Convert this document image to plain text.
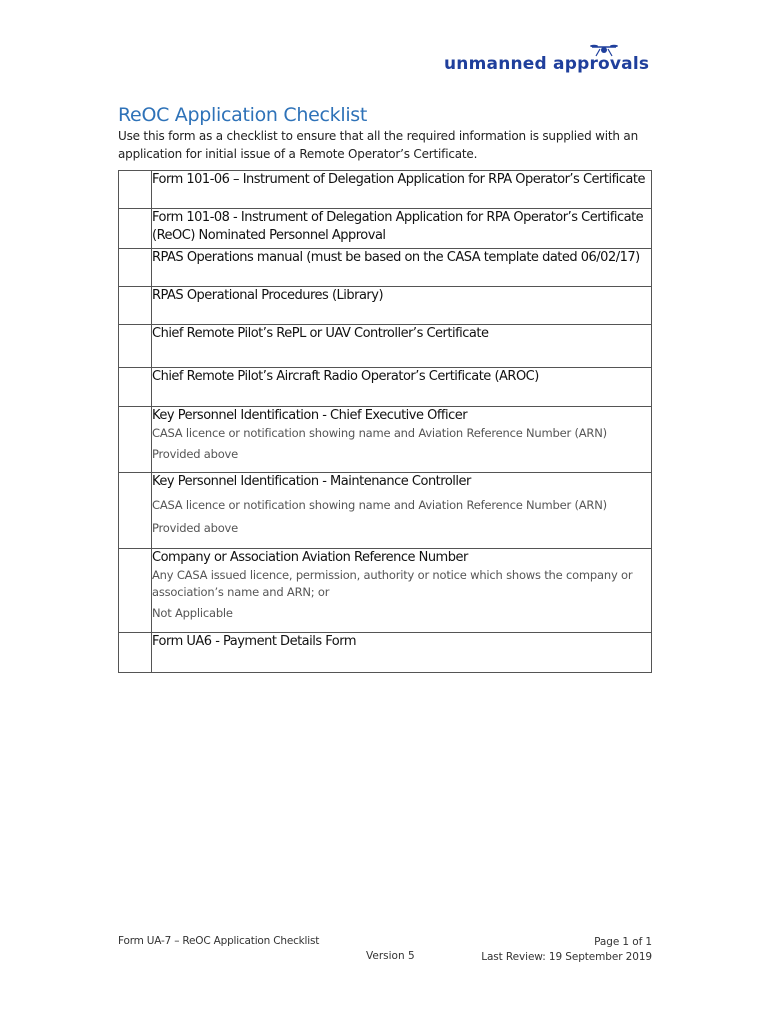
unmanned approvals
ReOC Application Checklist
Use this form as a checklist to ensure that all the required information is supplied with an application for initial issue of a Remote Operator’s Certificate.

	Form 101-06 – Instrument of Delegation Application for RPA Operator’s Certificate

	Form 101-08 - Instrument of Delegation Application for RPA Operator’s Certificate (ReOC) Nominated Personnel Approval

	RPAS Operations manual (must be based on the CASA template dated 06/02/17)

	RPAS Operational Procedures (Library)

	Chief Remote Pilot’s RePL or UAV Controller’s Certificate

	Chief Remote Pilot’s Aircraft Radio Operator’s Certificate (AROC)

	Key Personnel Identification - Chief Executive Officer
CASA licence or notification showing name and Aviation Reference Number (ARN)
Provided above

	Key Personnel Identification - Maintenance Controller
CASA licence or notification showing name and Aviation Reference Number (ARN)
Provided above

	Company or Association Aviation Reference Number
Any CASA issued licence, permission, authority or notice which shows the company or association’s name and ARN; or
Not Applicable

	Form UA6 - Payment Details Form
Form UA-7 – ReOC Application Checklist
Version 5
Page 1 of 1
Last Review: 19 September 2019
